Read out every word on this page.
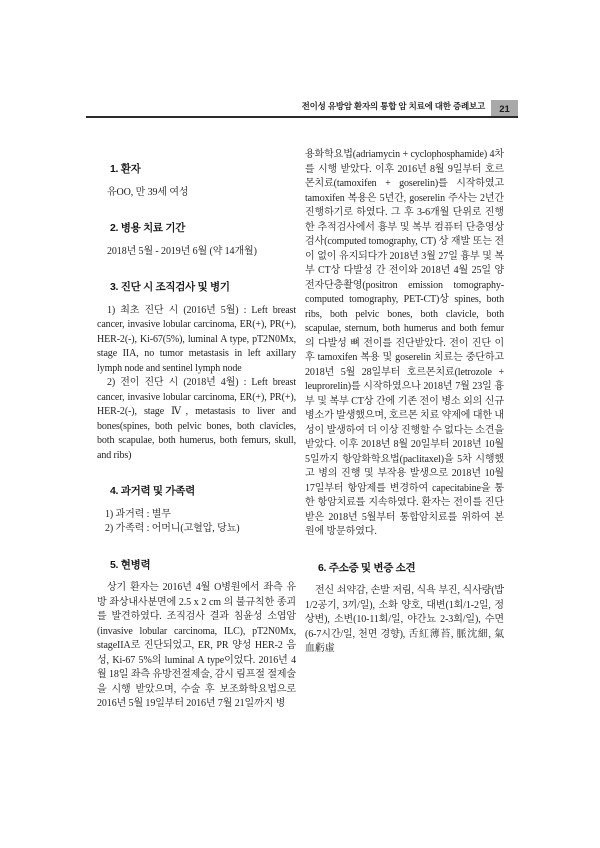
전이성 유방암 환자의 통합 암 치료에 대한 증례보고	21
1. 환자

유OO, 만 39세 여성

2. 병용 치료 기간

2018년 5월 - 2019년 6월 (약 14개월)

3. 진단 시 조직검사 및 병기

1) 최초 진단 시 (2016년 5월) : Left breast cancer, invasive lobular carcinoma, ER(+), PR(+), HER-2(-), Ki-67(5%), luminal A type, pT2N0Mx, stage IIA, no tumor metastasis in left axillary lymph node and sentinel lymph node

2) 전이 진단 시 (2018년 4월) : Left breast cancer, invasive lobular carcinoma, ER(+), PR(+), HER-2(-), stage Ⅳ, metastasis to liver and bones(spines, both pelvic bones, both clavicles, both scapulae, both humerus, both femurs, skull, and ribs)

4. 과거력 및 가족력

1) 과거력 : 별무

2) 가족력 : 어머니(고혈압, 당뇨)

5. 현병력

상기 환자는 2016년 4월 O병원에서 좌측 유방 좌상내사분면에 2.5 x 2 cm 의 불규칙한 종괴를 발견하였다. 조직검사 결과 침윤성 소엽암(invasive lobular carcinoma, ILC), pT2N0Mx, stageIIA로 진단되었고, ER, PR 양성 HER-2 음성, Ki-67 5%의 luminal A type이었다. 2016년 4월 18일 좌측 유방전절제술, 감시 림프절 절제술을 시행 받았으며, 수술 후 보조화학요법으로 2016년 5월 19일부터 2016년 7월 21일까지 병

용화학요법(adriamycin + cyclophosphamide) 4차를 시행 받았다. 이후 2016년 8월 9일부터 호르몬치료(tamoxifen + goserelin)를 시작하였고 tamoxifen 복용은 5년간, goserelin 주사는 2년간 진행하기로 하였다. 그 후 3-6개월 단위로 진행한 추적검사에서 흉부 및 복부 컴퓨터 단층영상검사(computed tomography, CT) 상 재발 또는 전이 없이 유지되다가 2018년 3월 27일 흉부 및 복부 CT상 다발성 간 전이와 2018년 4월 25일 양전자단층촬영(positron emission tomography-computed tomography, PET-CT)상 spines, both ribs, both pelvic bones, both clavicle, both scapulae, sternum, both humerus and both femur의 다발성 뼈 전이를 진단받았다. 전이 진단 이후 tamoxifen 복용 및 goserelin 치료는 중단하고 2018년 5월 28일부터 호르몬치료(letrozole + leuprorelin)를 시작하였으나 2018년 7월 23일 흉부 및 복부 CT상 간에 기존 전이 병소 외의 신규 병소가 발생했으며, 호르몬 치료 약제에 대한 내성이 발생하여 더 이상 진행할 수 없다는 소견을 받았다. 이후 2018년 8월 20일부터 2018년 10월 5일까지 항암화학요법(paclitaxel)을 5차 시행했고 병의 진행 및 부작용 발생으로 2018년 10월 17일부터 항암제를 변경하여 capecitabine을 통한 항암치료를 지속하였다. 환자는 전이를 진단 받은 2018년 5월부터 통합암치료를 위하여 본원에 방문하였다.

6. 주소증 및 변증 소견

전신 쇠약감, 손발 저림, 식욕 부진, 식사량(밥 1/2공기, 3끼/일), 소화 양호, 대변(1회/1-2일, 정상변), 소변(10-11회/일, 야간뇨 2-3회/일), 수면(6-7시간/일, 천면 경향), 舌紅薄苔, 脈沈細, 氣血虧虛
